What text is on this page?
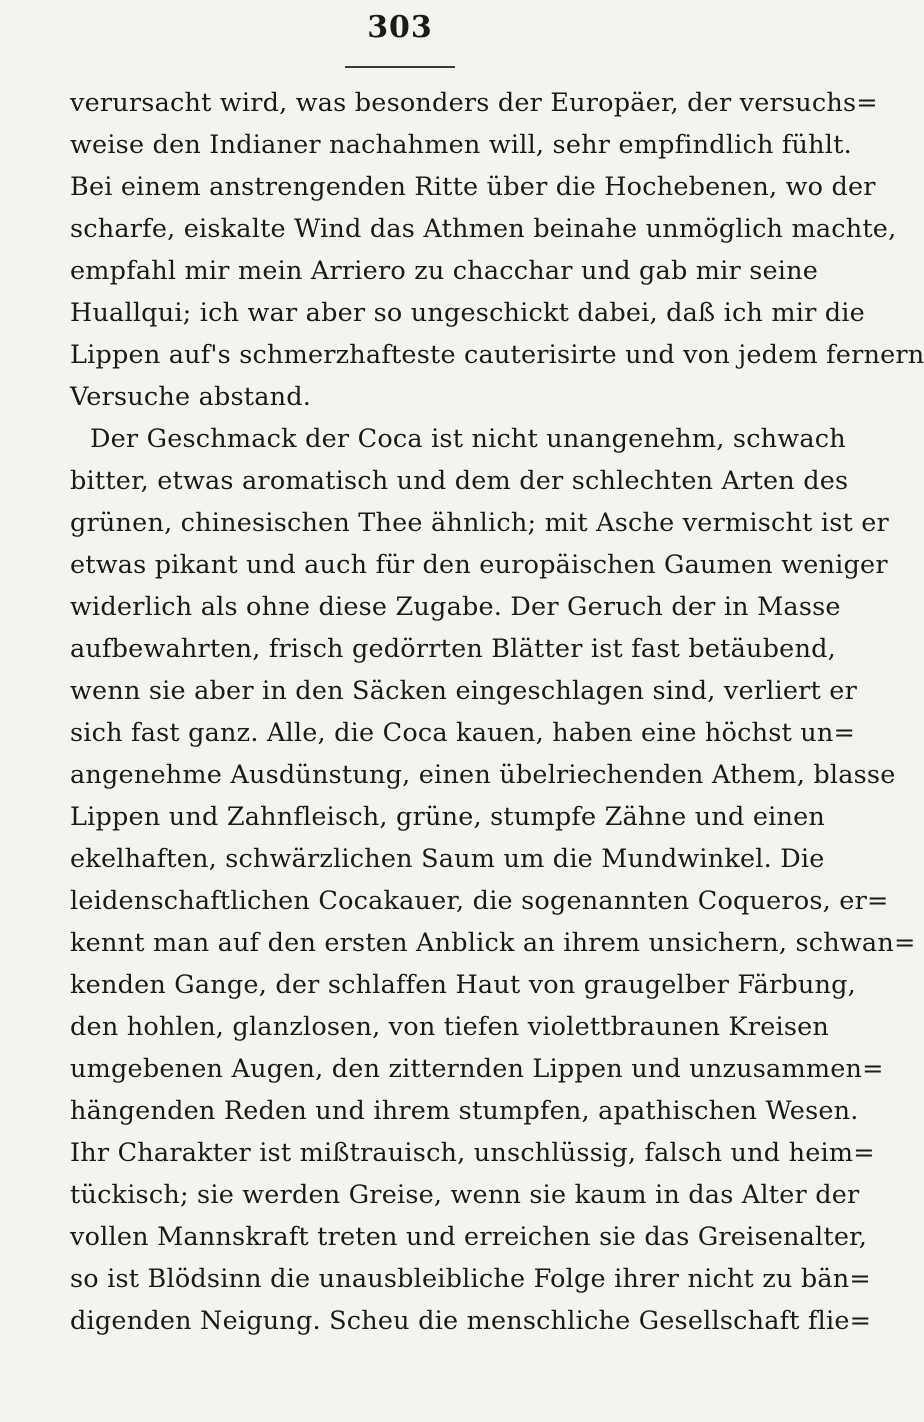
303
verursacht wird, was besonders der Europäer, der versuchs=
weise den Indianer nachahmen will, sehr empfindlich fühlt.
Bei einem anstrengenden Ritte über die Hochebenen, wo der
scharfe, eiskalte Wind das Athmen beinahe unmöglich machte,
empfahl mir mein Arriero zu chacchar und gab mir seine
Huallqui; ich war aber so ungeschickt dabei, daß ich mir die
Lippen auf's schmerzhafteste cauterisirte und von jedem fernern
Versuche abstand.
Der Geschmack der Coca ist nicht unangenehm, schwach
bitter, etwas aromatisch und dem der schlechten Arten des
grünen, chinesischen Thee ähnlich; mit Asche vermischt ist er
etwas pikant und auch für den europäischen Gaumen weniger
widerlich als ohne diese Zugabe. Der Geruch der in Masse
aufbewahrten, frisch gedörrten Blätter ist fast betäubend,
wenn sie aber in den Säcken eingeschlagen sind, verliert er
sich fast ganz. Alle, die Coca kauen, haben eine höchst un=
angenehme Ausdünstung, einen übelriechenden Athem, blasse
Lippen und Zahnfleisch, grüne, stumpfe Zähne und einen
ekelhaften, schwärzlichen Saum um die Mundwinkel. Die
leidenschaftlichen Cocakauer, die sogenannten Coqueros, er=
kennt man auf den ersten Anblick an ihrem unsichern, schwan=
kenden Gange, der schlaffen Haut von graugelber Färbung,
den hohlen, glanzlosen, von tiefen violettbraunen Kreisen
umgebenen Augen, den zitternden Lippen und unzusammen=
hängenden Reden und ihrem stumpfen, apathischen Wesen.
Ihr Charakter ist mißtrauisch, unschlüssig, falsch und heim=
tückisch; sie werden Greise, wenn sie kaum in das Alter der
vollen Mannskraft treten und erreichen sie das Greisenalter,
so ist Blödsinn die unausbleibliche Folge ihrer nicht zu bän=
digenden Neigung. Scheu die menschliche Gesellschaft flie=
